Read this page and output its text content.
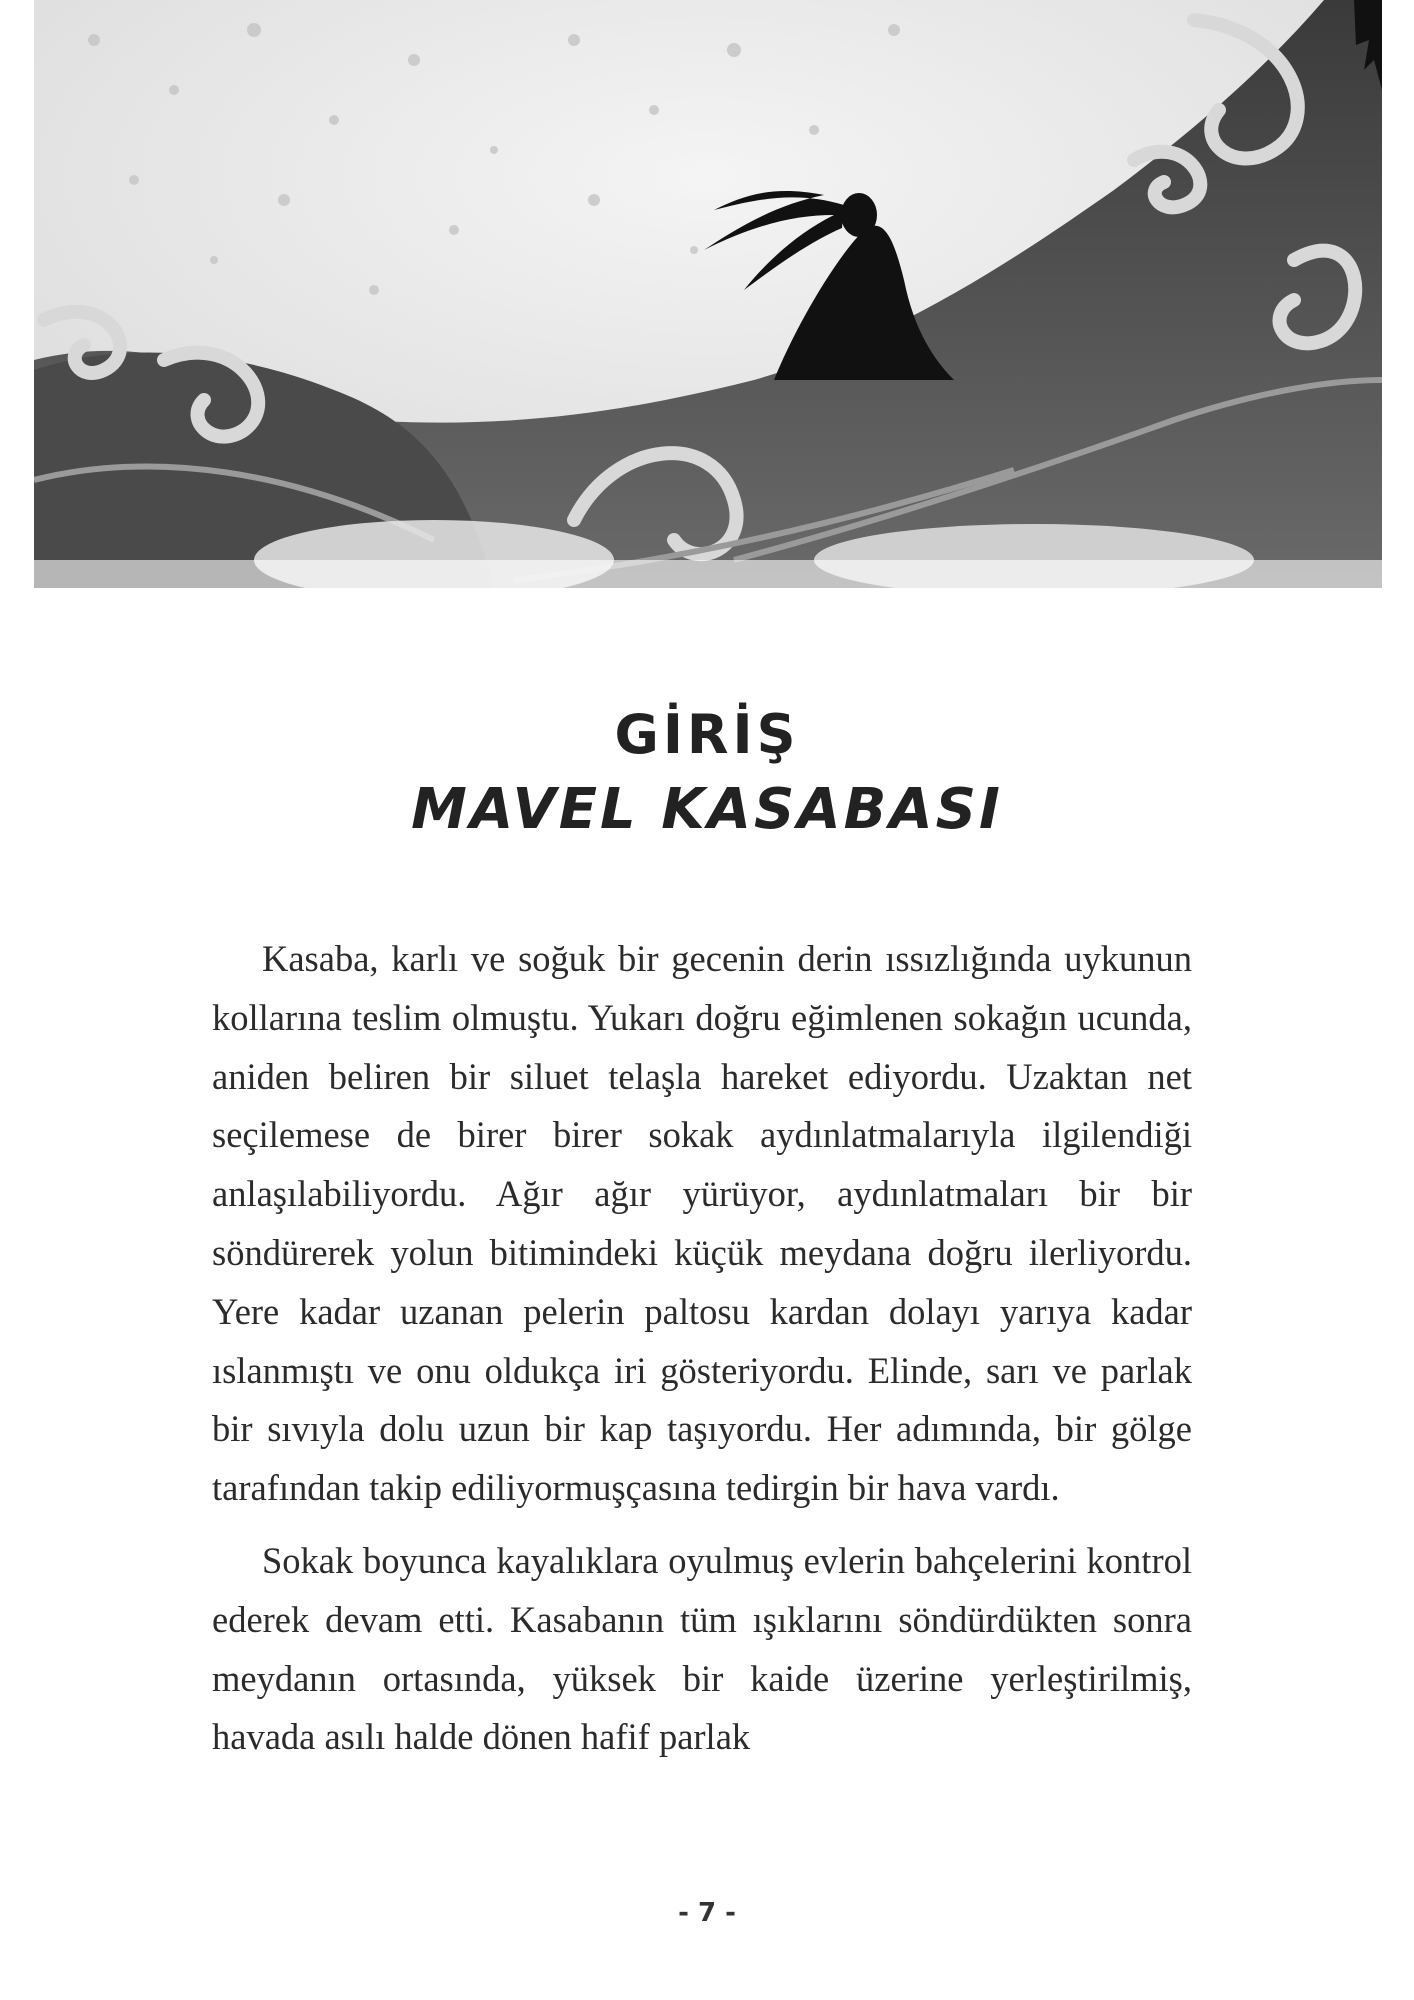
GİRİŞ
MAVEL KASABASI

Kasaba, karlı ve soğuk bir gecenin derin ıssızlığında uykunun kollarına teslim olmuştu. Yukarı doğru eğimlenen sokağın ucunda, aniden beliren bir siluet telaşla hareket ediyordu. Uzaktan net seçilemese de birer birer sokak aydınlatmalarıyla ilgilendiği anlaşılabiliyordu. Ağır ağır yürüyor, aydınlatmaları bir bir söndürerek yolun bitimindeki küçük meydana doğru ilerliyordu. Yere kadar uzanan pelerin paltosu kardan dolayı yarıya kadar ıslanmıştı ve onu oldukça iri gösteriyordu. Elinde, sarı ve parlak bir sıvıyla dolu uzun bir kap taşıyordu. Her adımında, bir gölge tarafından takip ediliyormuşçasına tedirgin bir hava vardı.

Sokak boyunca kayalıklara oyulmuş evlerin bahçelerini kontrol ederek devam etti. Kasabanın tüm ışıklarını söndürdükten sonra meydanın ortasında, yüksek bir kaide üzerine yerleştirilmiş, havada asılı halde dönen hafif parlak

- 7 -
